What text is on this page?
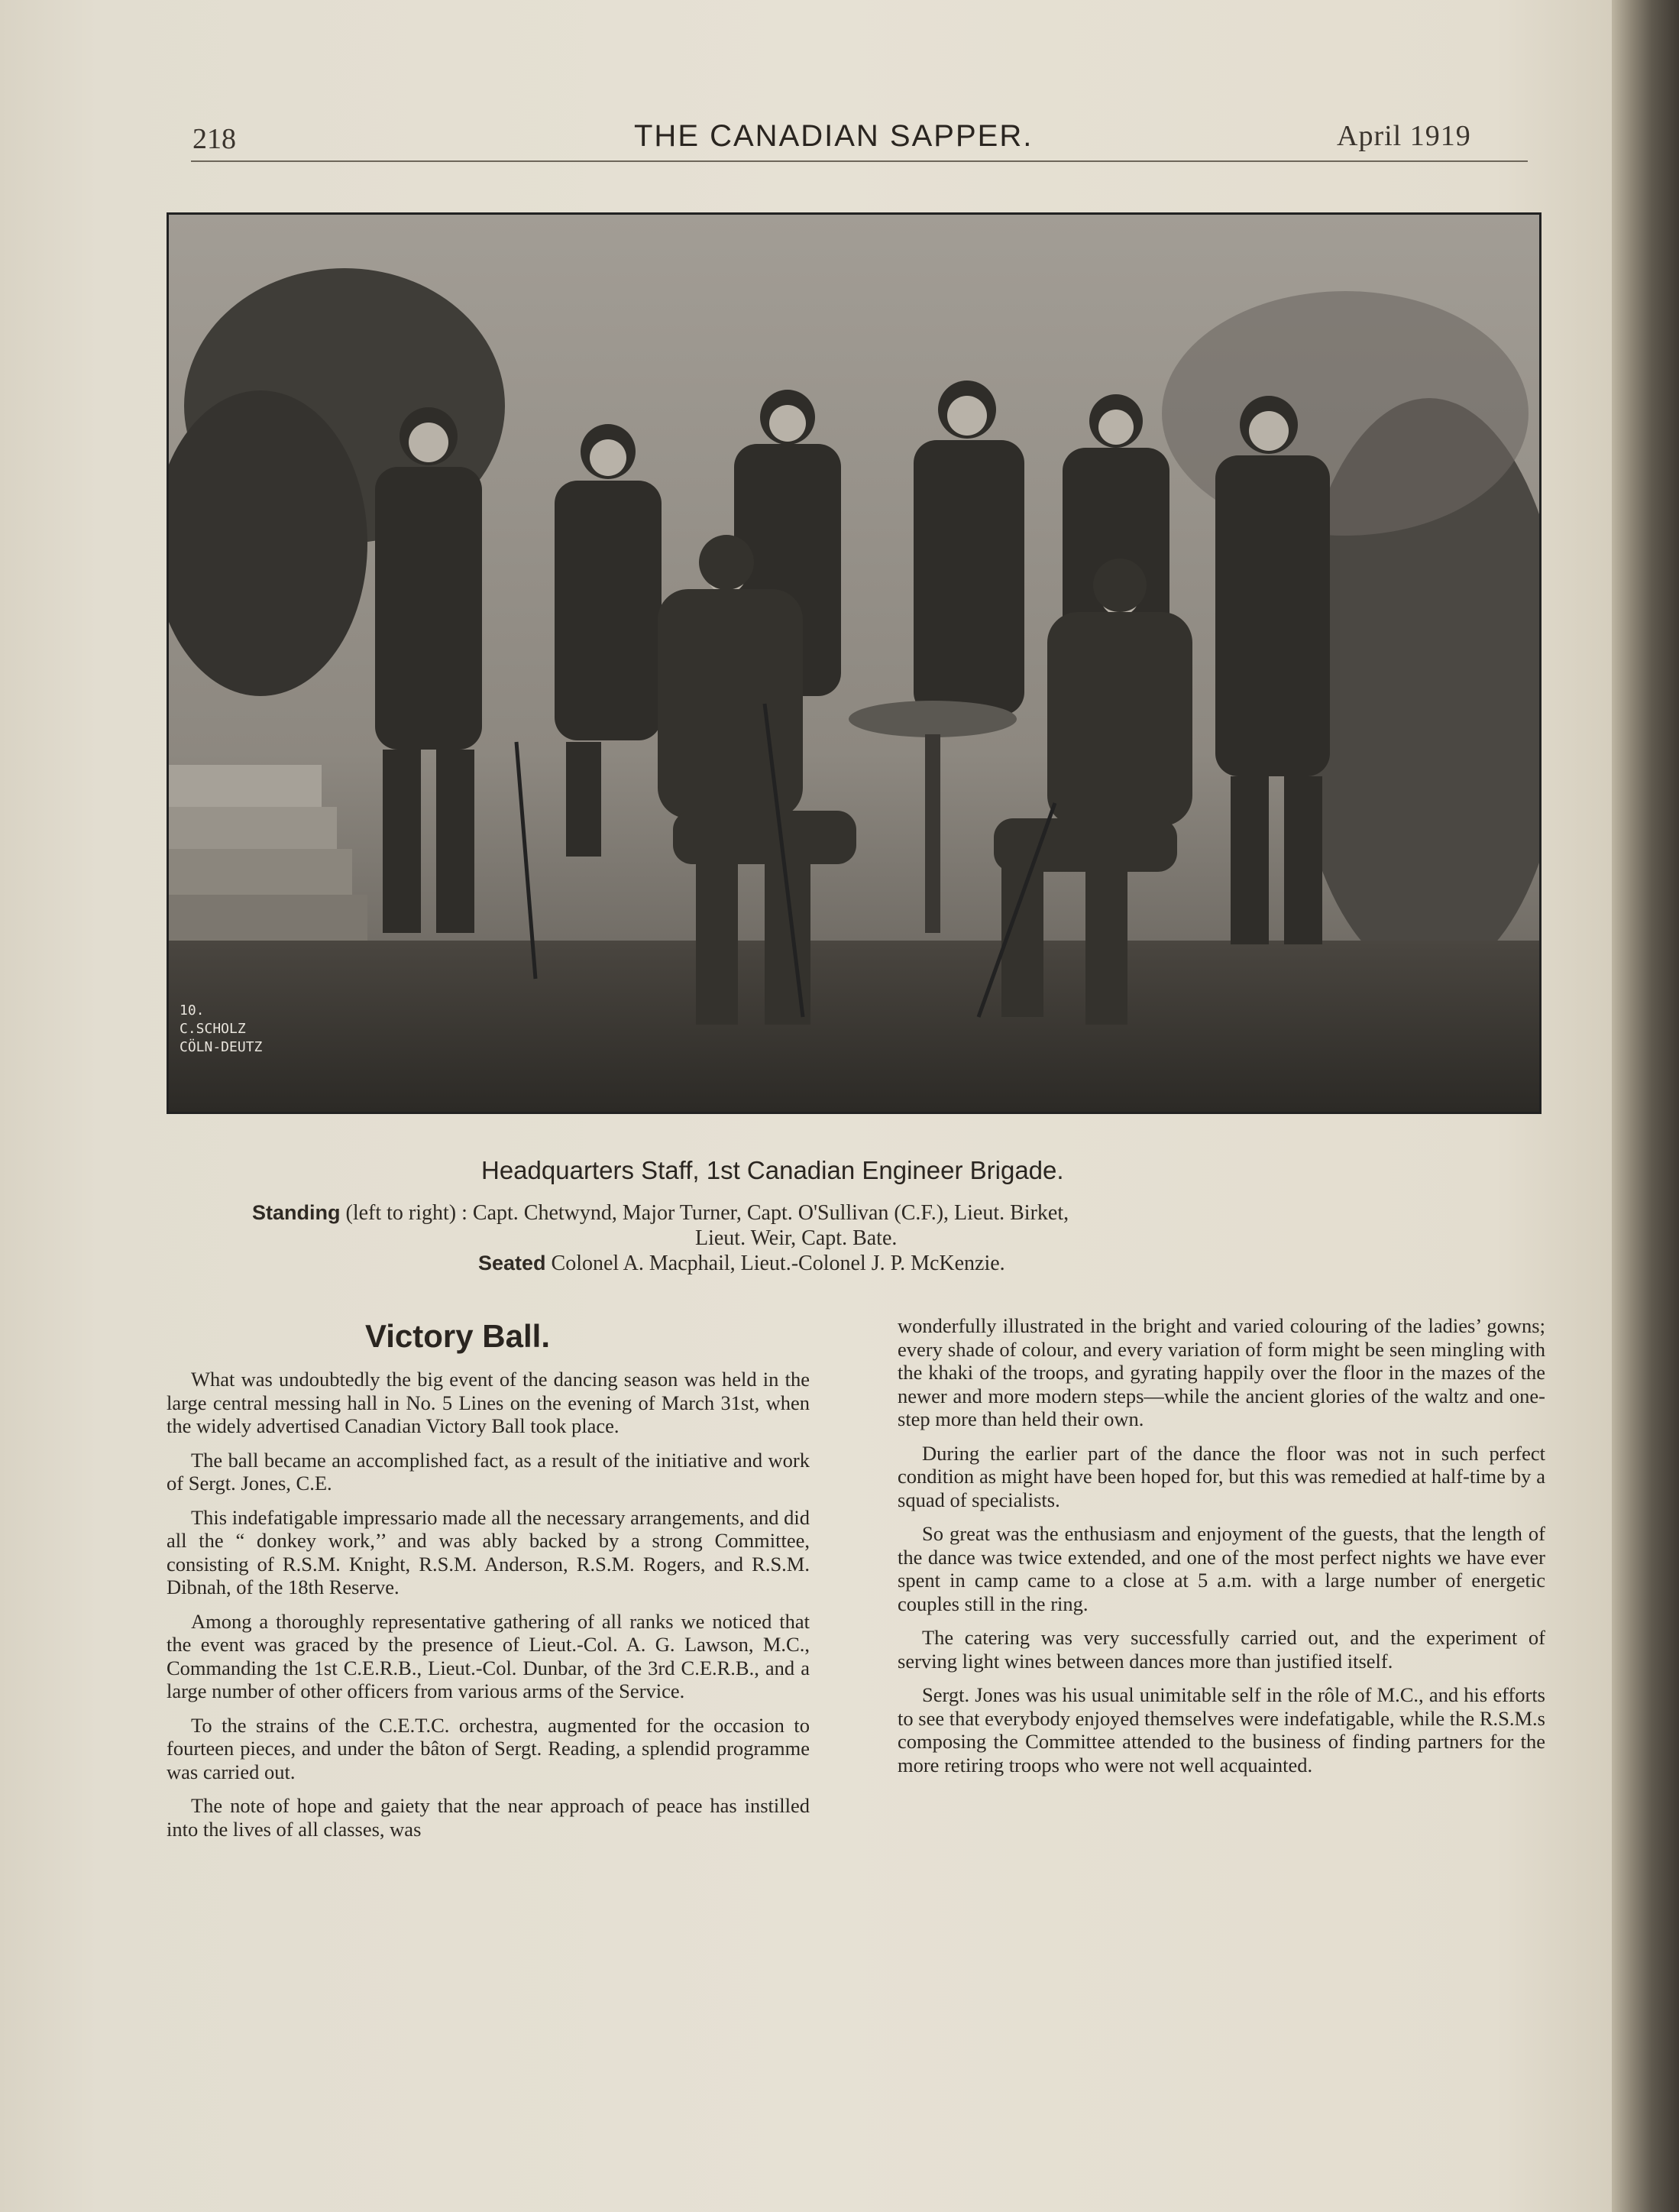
218	THE CANADIAN SAPPER.	April 1919
10.
C.SCHOLZ
CÖLN-DEUTZ
Headquarters Staff, 1st Canadian Engineer Brigade.
Standing (left to right) : Capt. Chetwynd, Major Turner, Capt. O'Sullivan (C.F.), Lieut. Birket,
Lieut. Weir, Capt. Bate.
Seated Colonel A. Macphail, Lieut.-Colonel J. P. McKenzie.
Victory Ball.

What was undoubtedly the big event of the dancing season was held in the large central messing hall in No. 5 Lines on the evening of March 31st, when the widely advertised Canadian Victory Ball took place.

The ball became an accomplished fact, as a result of the initiative and work of Sergt. Jones, C.E.

This indefatigable impressario made all the necessary arrangements, and did all the “ donkey work,’’ and was ably backed by a strong Committee, consisting of R.S.M. Knight, R.S.M. Anderson, R.S.M. Rogers, and R.S.M. Dibnah, of the 18th Reserve.

Among a thoroughly representative gathering of all ranks we noticed that the event was graced by the presence of Lieut.-Col. A. G. Lawson, M.C., Commanding the 1st C.E.R.B., Lieut.-Col. Dunbar, of the 3rd C.E.R.B., and a large number of other officers from various arms of the Service.

To the strains of the C.E.T.C. orchestra, augmented for the occasion to fourteen pieces, and under the bâton of Sergt. Reading, a splendid programme was carried out.

The note of hope and gaiety that the near approach of peace has instilled into the lives of all classes, was

wonderfully illustrated in the bright and varied colouring of the ladies’ gowns; every shade of colour, and every variation of form might be seen mingling with the khaki of the troops, and gyrating happily over the floor in the mazes of the newer and more modern steps—while the ancient glories of the waltz and one-step more than held their own.

During the earlier part of the dance the floor was not in such perfect condition as might have been hoped for, but this was remedied at half-time by a squad of specialists.

So great was the enthusiasm and enjoyment of the guests, that the length of the dance was twice extended, and one of the most perfect nights we have ever spent in camp came to a close at 5 a.m. with a large number of energetic couples still in the ring.

The catering was very successfully carried out, and the experiment of serving light wines between dances more than justified itself.

Sergt. Jones was his usual unimitable self in the rôle of M.C., and his efforts to see that everybody enjoyed themselves were indefatigable, while the R.S.M.s composing the Committee attended to the business of finding partners for the more retiring troops who were not well acquainted.
